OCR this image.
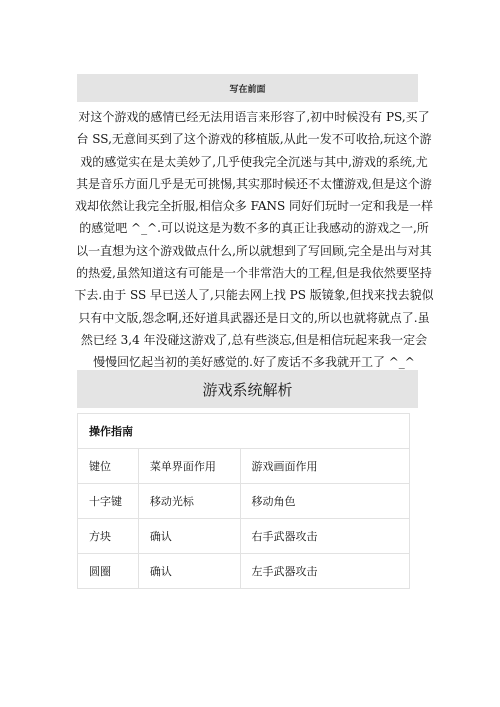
写在前面
对这个游戏的感情已经无法用语言来形容了,初中时候没有 PS,买了
台 SS,无意间买到了这个游戏的移植版,从此一发不可收拾,玩这个游
戏的感觉实在是太美妙了,几乎使我完全沉迷与其中,游戏的系统,尤
其是音乐方面几乎是无可挑惕,其实那时候还不太懂游戏,但是这个游
戏却依然让我完全折服,相信众多 FANS 同好们玩时一定和我是一样
的感觉吧 ^_^.可以说这是为数不多的真正让我感动的游戏之一,所
以一直想为这个游戏做点什么,所以就想到了写回顾,完全是出与对其
的热爱,虽然知道这有可能是一个非常浩大的工程,但是我依然要坚持
下去.由于 SS 早已送人了,只能去网上找 PS 版镜象,但找来找去貌似
只有中文版,怨念啊,还好道具武器还是日文的,所以也就将就点了.虽
然已经 3,4 年没碰这游戏了,总有些淡忘,但是相信玩起来我一定会
慢慢回忆起当初的美好感觉的.好了废话不多我就开工了 ^_^
游戏系统解析
操作指南		
键位	菜单界面作用	游戏画面作用
十字键	移动光标	移动角色
方块	确认	右手武器攻击
圆圈	确认	左手武器攻击
